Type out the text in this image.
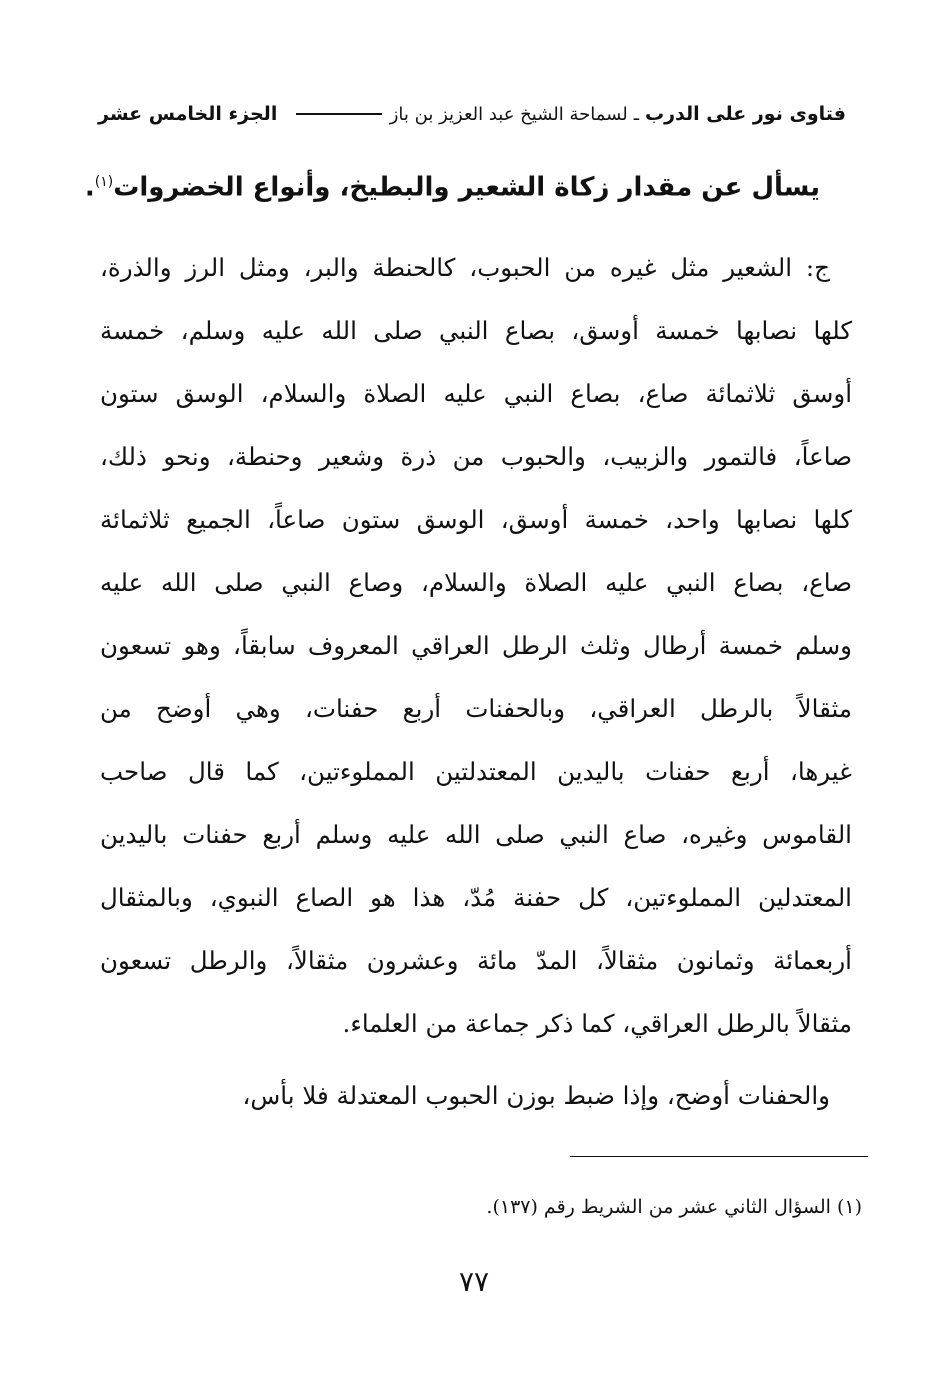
فتاوى نور على الدرب
ـ
لسماحة الشيخ عبد العزيز بن باز
الجزء الخامس عشر
يسأل عن مقدار زكاة الشعير والبطيخ، وأنواع الخضروات$^{(١)}$.
ج: الشعير مثل غيره من الحبوب، كالحنطة والبر، ومثل الرز والذرة،
كلها نصابها خمسة أوسق، بصاع النبي صلى الله عليه وسلم، خمسة
أوسق ثلاثمائة صاع، بصاع النبي عليه الصلاة والسلام، الوسق ستون
صاعاً، فالتمور والزبيب، والحبوب من ذرة وشعير وحنطة، ونحو ذلك،
كلها نصابها واحد، خمسة أوسق، الوسق ستون صاعاً، الجميع ثلاثمائة
صاع، بصاع النبي عليه الصلاة والسلام، وصاع النبي صلى الله عليه
وسلم خمسة أرطال وثلث الرطل العراقي المعروف سابقاً، وهو تسعون
مثقالاً بالرطل العراقي، وبالحفنات أربع حفنات، وهي أوضح من
غيرها، أربع حفنات باليدين المعتدلتين المملوءتين، كما قال صاحب
القاموس وغيره، صاع النبي صلى الله عليه وسلم أربع حفنات باليدين
المعتدلين المملوءتين، كل حفنة مُدّ، هذا هو الصاع النبوي، وبالمثقال
أربعمائة وثمانون مثقالاً، المدّ مائة وعشرون مثقالاً، والرطل تسعون
مثقالاً بالرطل العراقي، كما ذكر جماعة من العلماء.
والحفنات أوضح، وإذا ضبط بوزن الحبوب المعتدلة فلا بأس،
(١) السؤال الثاني عشر من الشريط رقم (١٣٧).
٧٧
